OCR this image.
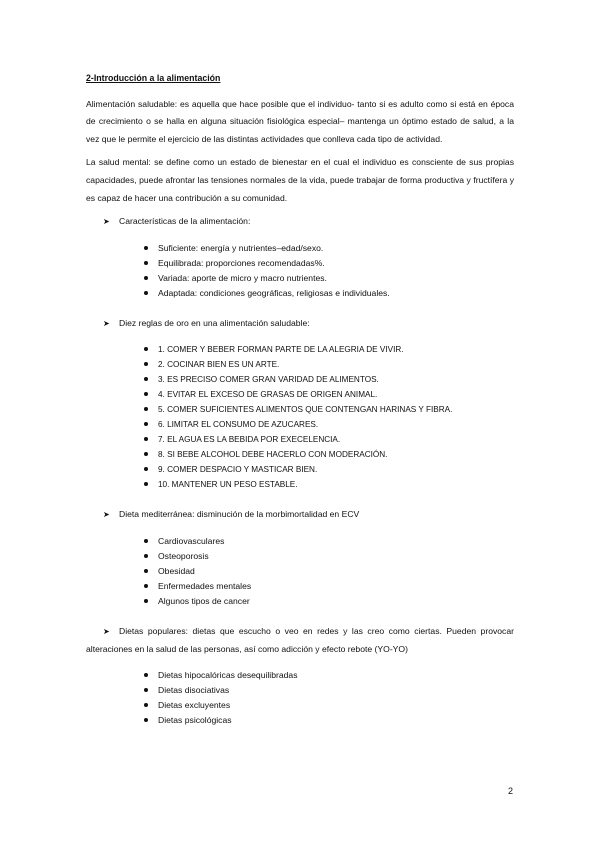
2-Introducción a la alimentación

Alimentación saludable: es aquella que hace posible que el individuo- tanto si es adulto como si está en época de crecimiento o se halla en alguna situación fisiológica especial– mantenga un óptimo estado de salud, a la vez que le permite el ejercicio de las distintas actividades que conlleva cada tipo de actividad.

La salud mental: se define como un estado de bienestar en el cual el individuo es consciente de sus propias capacidades, puede afrontar las tensiones normales de la vida, puede trabajar de forma productiva y fructífera y es capaz de hacer una contribución a su comunidad.

➤ Características de la alimentación:
Suficiente: energía y nutrientes–edad/sexo.
Equilibrada: proporciones recomendadas%.
Variada: aporte de micro y macro nutrientes.
Adaptada: condiciones geográficas, religiosas e individuales.
➤ Diez reglas de oro en una alimentación saludable:
1. COMER Y BEBER FORMAN PARTE DE LA ALEGRIA DE VIVIR.
2. COCINAR BIEN ES UN ARTE.
3. ES PRECISO COMER GRAN VARIDAD DE ALIMENTOS.
4. EVITAR EL EXCESO DE GRASAS DE ORIGEN ANIMAL.
5. COMER SUFICIENTES ALIMENTOS QUE CONTENGAN HARINAS Y FIBRA.
6. LIMITAR EL CONSUMO DE AZUCARES.
7. EL AGUA ES LA BEBIDA POR EXECELENCIA.
8. SI BEBE ALCOHOL DEBE HACERLO CON MODERACIÓN.
9. COMER DESPACIO Y MASTICAR BIEN.
10. MANTENER UN PESO ESTABLE.
➤ Dieta mediterránea: disminución de la morbimortalidad en ECV
Cardiovasculares
Osteoporosis
Obesidad
Enfermedades mentales
Algunos tipos de cancer
➤ Dietas populares: dietas que escucho o veo en redes y las creo como ciertas. Pueden provocar alteraciones en la salud de las personas, así como adicción y efecto rebote (YO-YO)
Dietas hipocalóricas desequilibradas
Dietas disociativas
Dietas excluyentes
Dietas psicológicas
2
